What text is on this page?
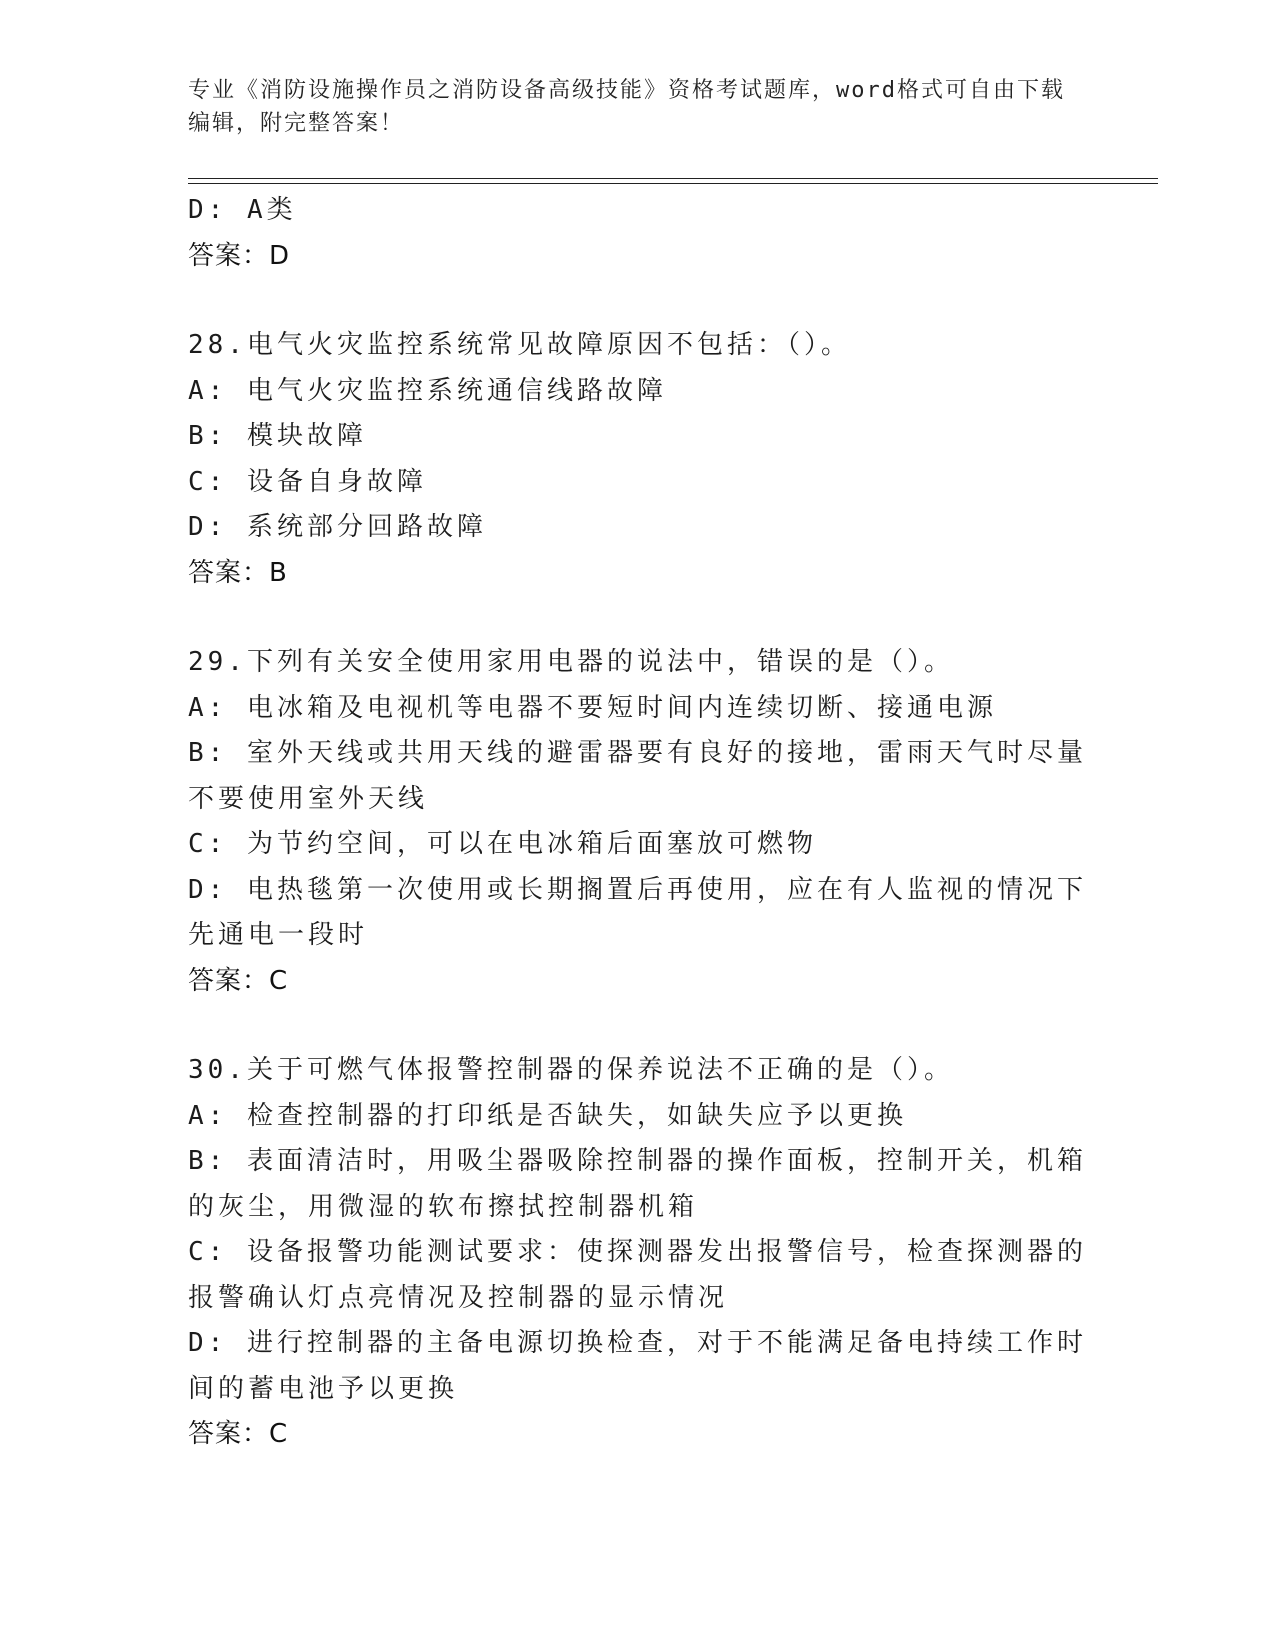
专业《消防设施操作员之消防设备高级技能》资格考试题库，word格式可自由下载编辑，附完整答案！
D: A类
答案：D
28.电气火灾监控系统常见故障原因不包括：（）。
A: 电气火灾监控系统通信线路故障
B: 模块故障
C: 设备自身故障
D: 系统部分回路故障
答案：B
29.下列有关安全使用家用电器的说法中，错误的是（）。
A: 电冰箱及电视机等电器不要短时间内连续切断、接通电源
B: 室外天线或共用天线的避雷器要有良好的接地，雷雨天气时尽量不要使用室外天线
C: 为节约空间，可以在电冰箱后面塞放可燃物
D: 电热毯第一次使用或长期搁置后再使用，应在有人监视的情况下先通电一段时
答案：C
30.关于可燃气体报警控制器的保养说法不正确的是（）。
A: 检查控制器的打印纸是否缺失，如缺失应予以更换
B: 表面清洁时，用吸尘器吸除控制器的操作面板，控制开关，机箱的灰尘，用微湿的软布擦拭控制器机箱
C: 设备报警功能测试要求：使探测器发出报警信号，检查探测器的报警确认灯点亮情况及控制器的显示情况
D: 进行控制器的主备电源切换检查，对于不能满足备电持续工作时间的蓄电池予以更换
答案：C
